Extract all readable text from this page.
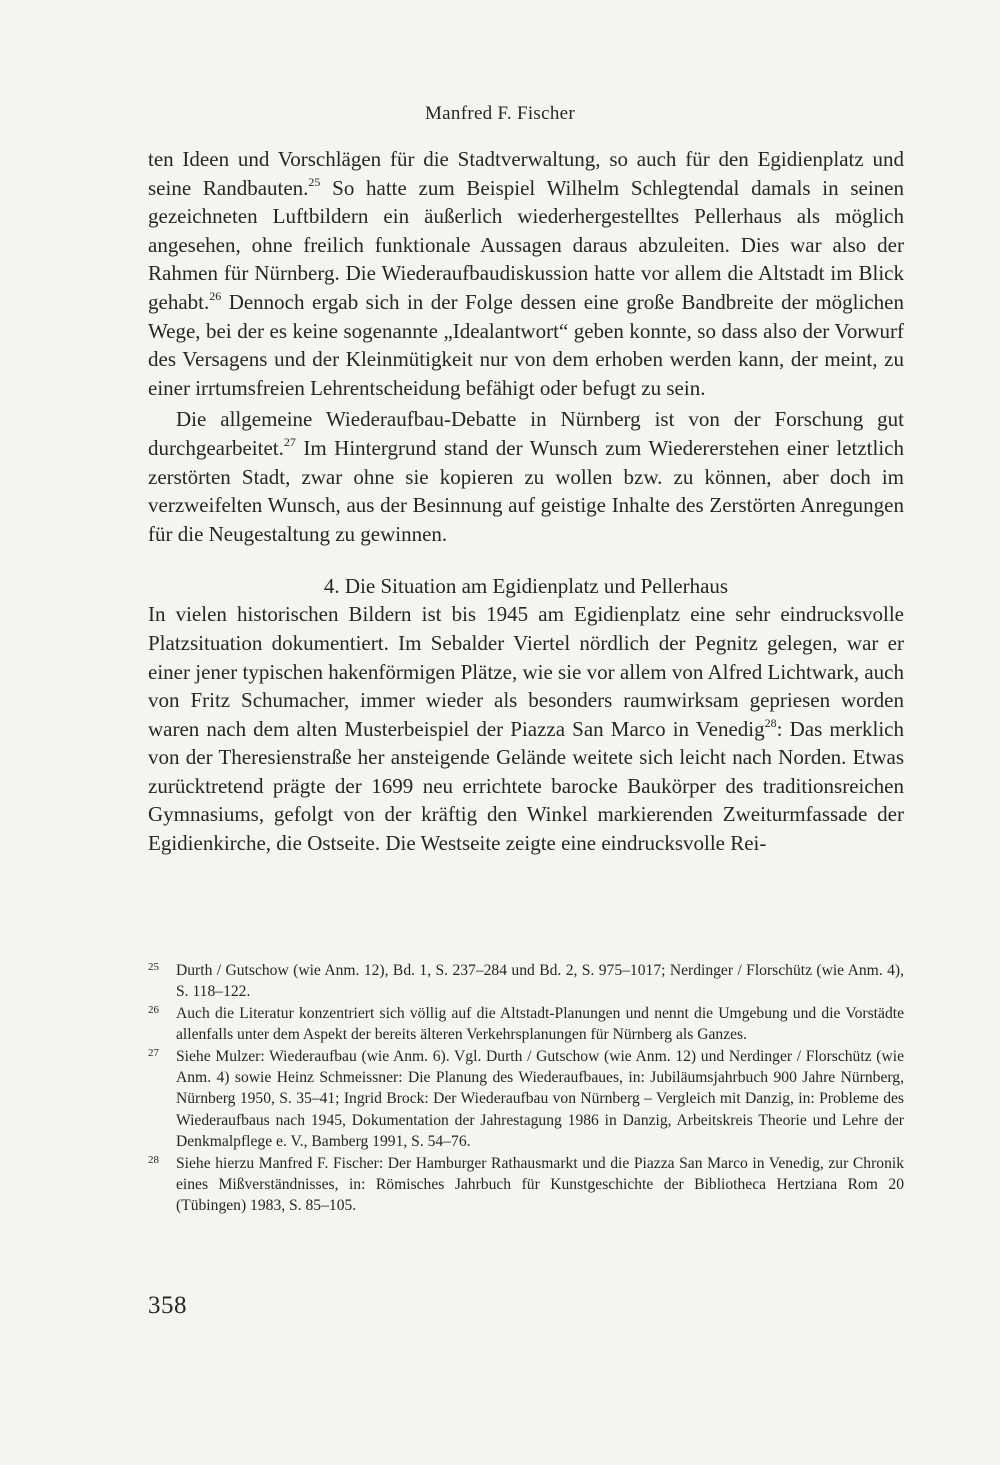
Manfred F. Fischer

ten Ideen und Vorschlägen für die Stadtverwaltung, so auch für den Egidienplatz und seine Randbauten.$^{25}$ So hatte zum Beispiel Wilhelm Schlegtendal damals in seinen gezeichneten Luftbildern ein äußerlich wiederhergestelltes Pellerhaus als möglich angesehen, ohne freilich funktionale Aussagen daraus abzuleiten. Dies war also der Rahmen für Nürnberg. Die Wiederaufbaudiskussion hatte vor allem die Altstadt im Blick gehabt.$^{26}$ Dennoch ergab sich in der Folge dessen eine große Bandbreite der möglichen Wege, bei der es keine sogenannte „Idealantwort“ geben konnte, so dass also der Vorwurf des Versagens und der Kleinmütigkeit nur von dem erhoben werden kann, der meint, zu einer irrtumsfreien Lehrentscheidung befähigt oder befugt zu sein.

Die allgemeine Wiederaufbau-Debatte in Nürnberg ist von der Forschung gut durchgearbeitet.$^{27}$ Im Hintergrund stand der Wunsch zum Wiedererstehen einer letztlich zerstörten Stadt, zwar ohne sie kopieren zu wollen bzw. zu können, aber doch im verzweifelten Wunsch, aus der Besinnung auf geistige Inhalte des Zerstörten Anregungen für die Neugestaltung zu gewinnen.

4. Die Situation am Egidienplatz und Pellerhaus

In vielen historischen Bildern ist bis 1945 am Egidienplatz eine sehr eindrucksvolle Platzsituation dokumentiert. Im Sebalder Viertel nördlich der Pegnitz gelegen, war er einer jener typischen hakenförmigen Plätze, wie sie vor allem von Alfred Lichtwark, auch von Fritz Schumacher, immer wieder als besonders raumwirksam gepriesen worden waren nach dem alten Musterbeispiel der Piazza San Marco in Venedig$^{28}$: Das merklich von der Theresienstraße her ansteigende Gelände weitete sich leicht nach Norden. Etwas zurücktretend prägte der 1699 neu errichtete barocke Baukörper des traditionsreichen Gymnasiums, gefolgt von der kräftig den Winkel markierenden Zweiturmfassade der Egidienkirche, die Ostseite. Die Westseite zeigte eine eindrucksvolle Rei-

25 Durth / Gutschow (wie Anm. 12), Bd. 1, S. 237–284 und Bd. 2, S. 975–1017; Nerdinger / Florschütz (wie Anm. 4), S. 118–122.
26 Auch die Literatur konzentriert sich völlig auf die Altstadt-Planungen und nennt die Umgebung und die Vorstädte allenfalls unter dem Aspekt der bereits älteren Verkehrsplanungen für Nürnberg als Ganzes.
27 Siehe Mulzer: Wiederaufbau (wie Anm. 6). Vgl. Durth / Gutschow (wie Anm. 12) und Nerdinger / Florschütz (wie Anm. 4) sowie Heinz Schmeissner: Die Planung des Wiederaufbaues, in: Jubiläumsjahrbuch 900 Jahre Nürnberg, Nürnberg 1950, S. 35–41; Ingrid Brock: Der Wiederaufbau von Nürnberg – Vergleich mit Danzig, in: Probleme des Wiederaufbaus nach 1945, Dokumentation der Jahrestagung 1986 in Danzig, Arbeitskreis Theorie und Lehre der Denkmalpflege e. V., Bamberg 1991, S. 54–76.
28 Siehe hierzu Manfred F. Fischer: Der Hamburger Rathausmarkt und die Piazza San Marco in Venedig, zur Chronik eines Mißverständnisses, in: Römisches Jahrbuch für Kunstgeschichte der Bibliotheca Hertziana Rom 20 (Tübingen) 1983, S. 85–105.
358
